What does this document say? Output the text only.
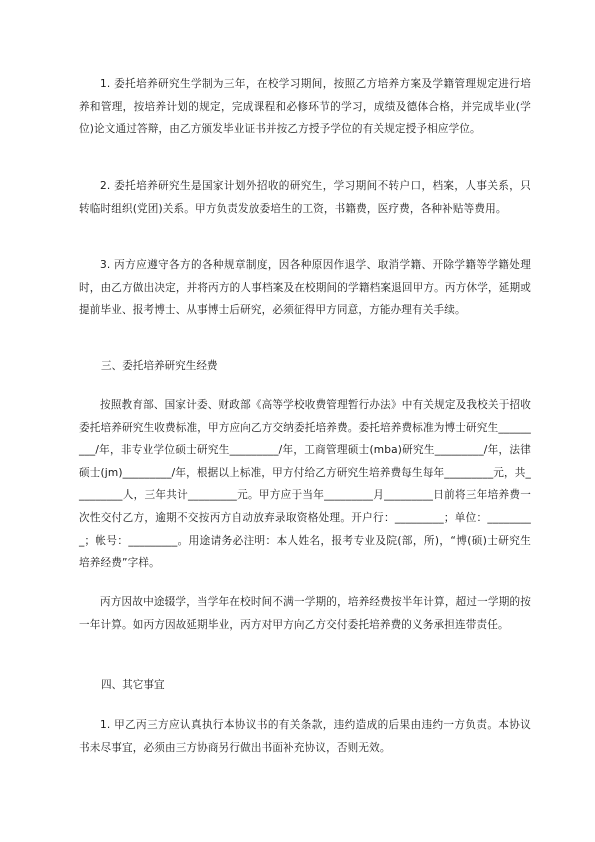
1. 委托培养研究生学制为三年，在校学习期间，按照乙方培养方案及学籍管理规定进行培养和管理，按培养计划的规定，完成课程和必修环节的学习，成绩及德体合格，并完成毕业(学位)论文通过答辩，由乙方颁发毕业证书并按乙方授予学位的有关规定授予相应学位。

2. 委托培养研究生是国家计划外招收的研究生，学习期间不转户口，档案，人事关系，只转临时组织(党团)关系。甲方负责发放委培生的工资，书籍费，医疗费，各种补贴等费用。

3. 丙方应遵守各方的各种规章制度，因各种原因作退学、取消学籍、开除学籍等学籍处理时，由乙方做出决定，并将丙方的人事档案及在校期间的学籍档案退回甲方。丙方休学，延期或提前毕业、报考博士、从事博士后研究，必须征得甲方同意，方能办理有关手续。

三、委托培养研究生经费

按照教育部、国家计委、财政部《高等学校收费管理暂行办法》中有关规定及我校关于招收委托培养研究生收费标准，甲方应向乙方交纳委托培养费。委托培养费标准为博士研究生_________/年，非专业学位硕士研究生_________/年，工商管理硕士(mba)研究生_________/年，法律硕士(jm)_________/年，根据以上标准，甲方付给乙方研究生培养费每生每年_________元，共_________人，三年共计_________元。甲方应于当年_________月_________日前将三年培养费一次性交付乙方，逾期不交按丙方自动放弃录取资格处理。开户行：_________；单位：_________；帐号：_________。用途请务必注明：本人姓名，报考专业及院(部，所)，“博(硕)士研究生培养经费”字样。

丙方因故中途辍学，当学年在校时间不满一学期的，培养经费按半年计算，超过一学期的按一年计算。如丙方因故延期毕业，丙方对甲方向乙方交付委托培养费的义务承担连带责任。

四、其它事宜

1. 甲乙丙三方应认真执行本协议书的有关条款，违约造成的后果由违约一方负责。本协议书未尽事宜，必须由三方协商另行做出书面补充协议，否则无效。
